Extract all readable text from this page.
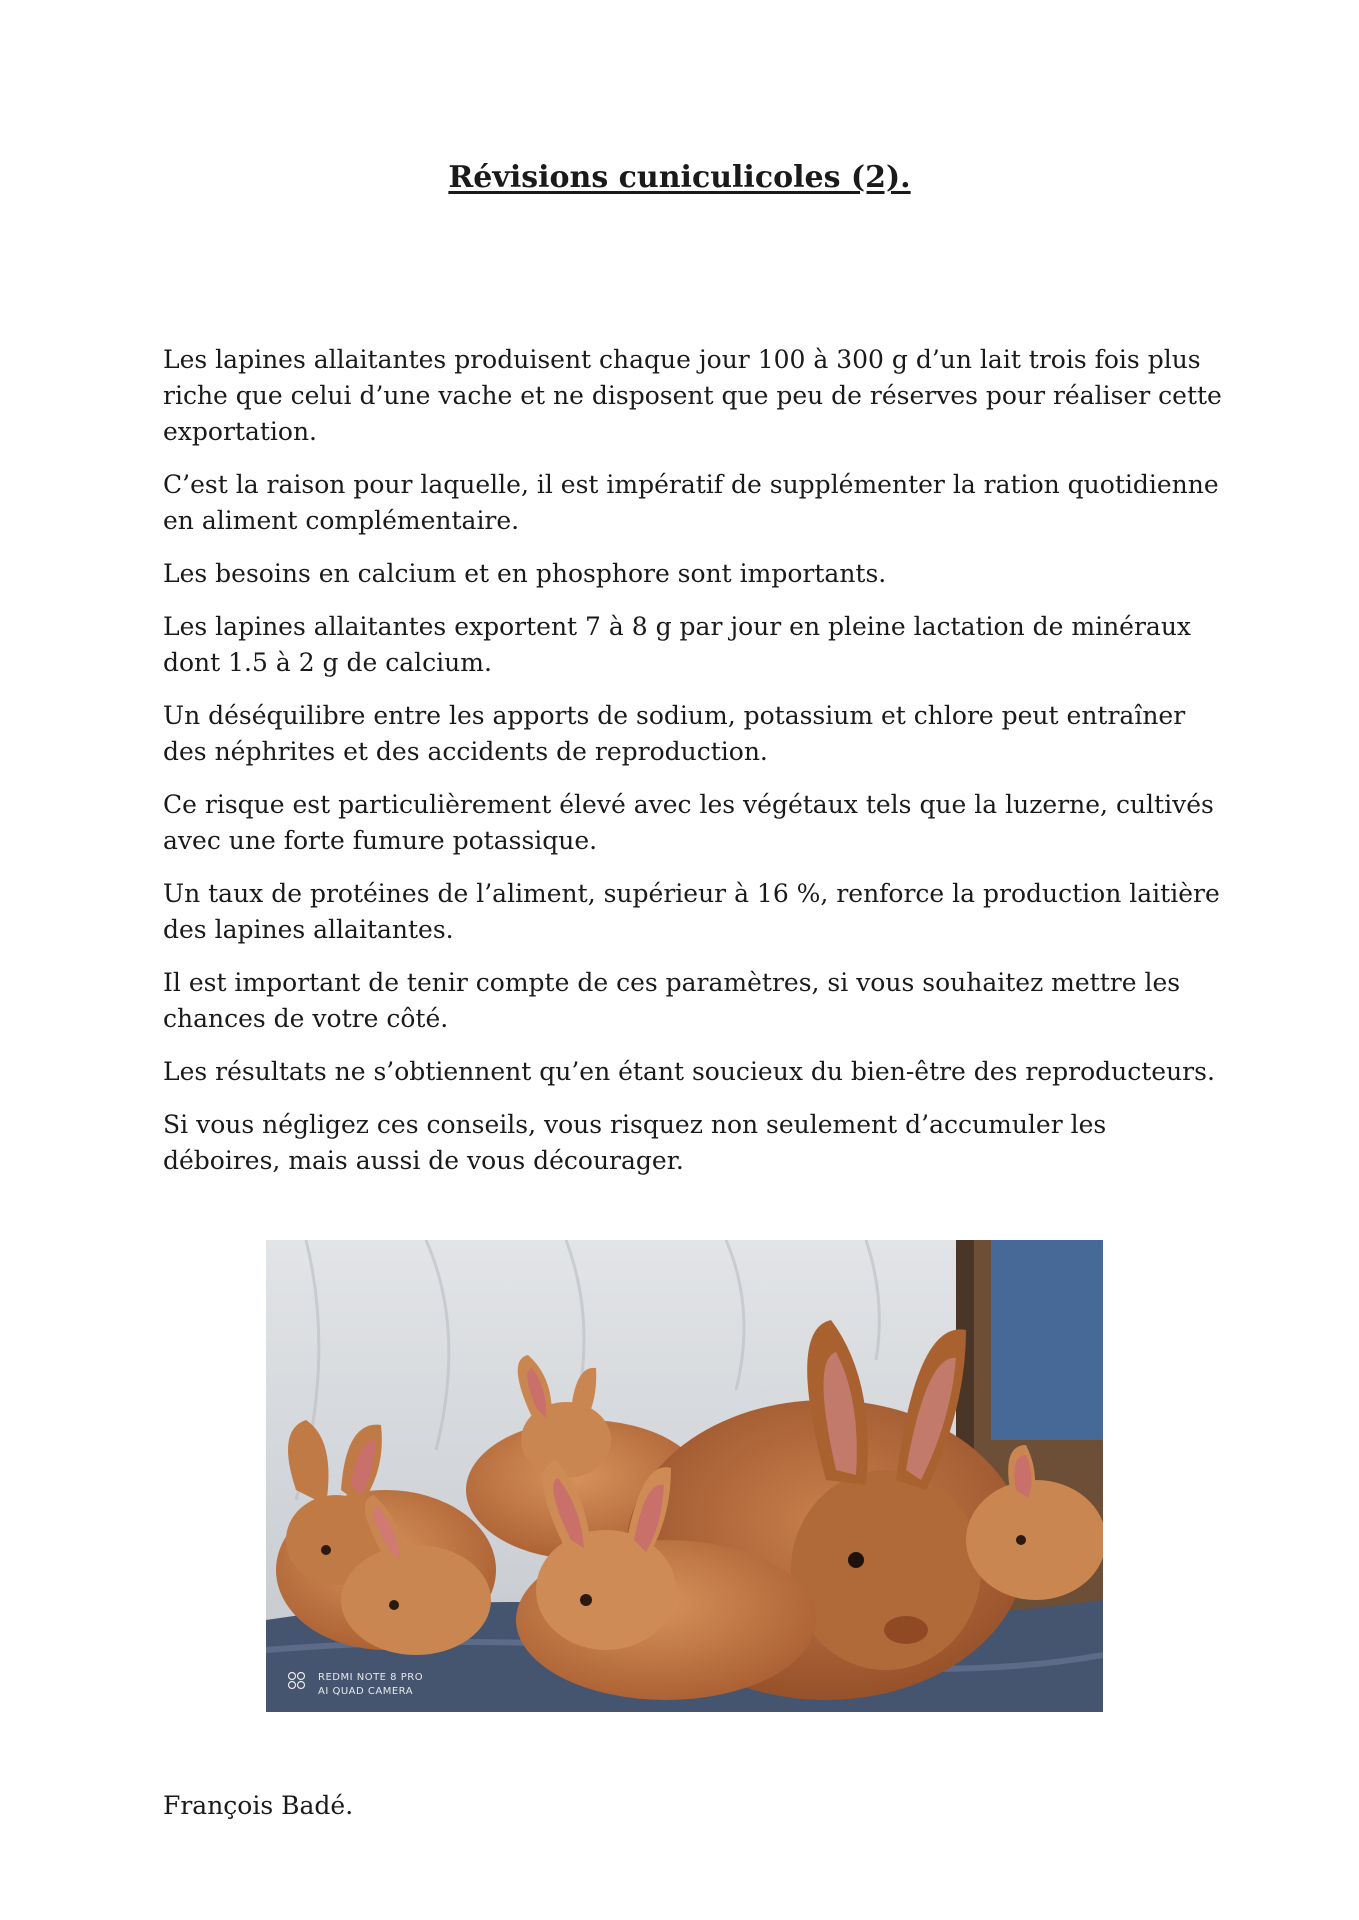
Révisions cuniculicoles (2).

Les lapines allaitantes produisent chaque jour 100 à 300 g d’un lait trois fois plus riche que celui d’une vache et ne disposent que peu de réserves pour réaliser cette exportation.

C’est la raison pour laquelle, il est impératif de supplémenter la ration quotidienne en aliment complémentaire.

Les besoins en calcium et en phosphore sont importants.

Les lapines allaitantes exportent 7 à 8 g par jour en pleine lactation de minéraux dont 1.5 à 2 g de calcium.

Un déséquilibre entre les apports de sodium, potassium et chlore peut entraîner des néphrites et des accidents de reproduction.

Ce risque est particulièrement élevé avec les végétaux tels que la luzerne, cultivés avec une forte fumure potassique.

Un taux de protéines de l’aliment, supérieur à 16 %, renforce la production laitière des lapines allaitantes.

Il est important de tenir compte de ces paramètres, si vous souhaitez mettre les chances de votre côté.

Les résultats ne s’obtiennent qu’en étant soucieux du bien-être des reproducteurs.

Si vous négligez ces conseils, vous risquez non seulement d’accumuler les déboires, mais aussi de vous décourager.

REDMI NOTE 8 PRO
AI QUAD CAMERA

François Badé.
